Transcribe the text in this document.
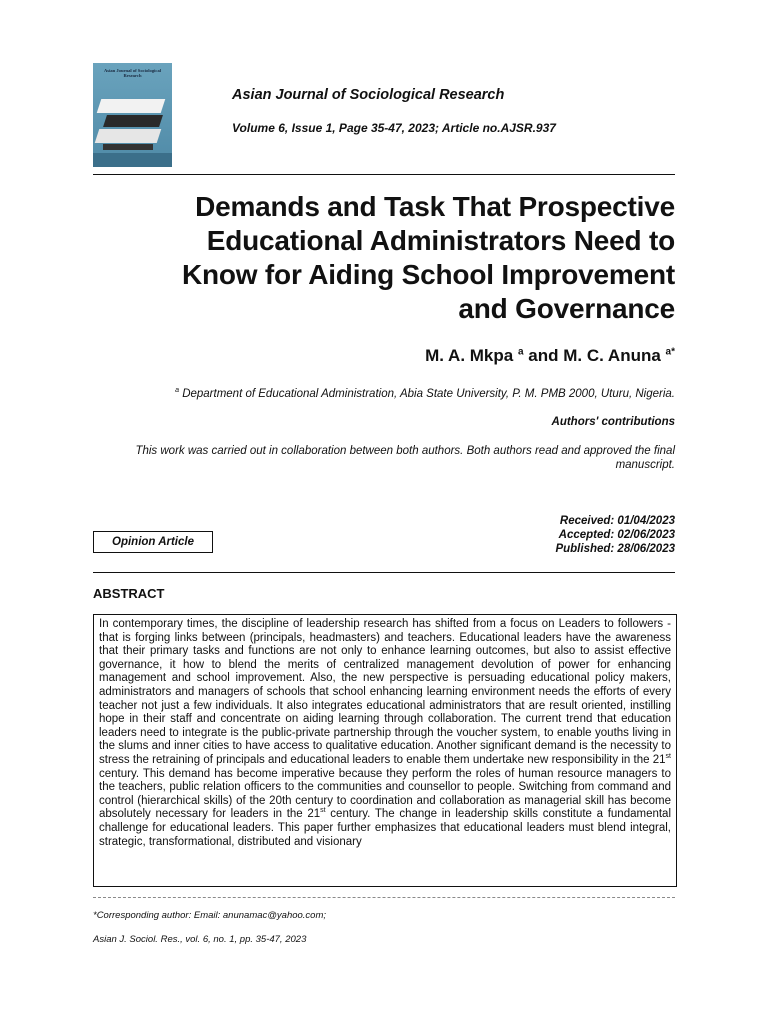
Asian Journal of Sociological Research
Asian Journal of Sociological Research
Volume 6, Issue 1, Page 35-47, 2023; Article no.AJSR.937
Demands and Task That Prospective
Educational Administrators Need to
Know for Aiding School Improvement
and Governance
M. A. Mkpa $^a$ and M. C. Anuna $^{a*}$
$^a$ Department of Educational Administration, Abia State University, P. M. PMB 2000, Uturu, Nigeria.
Authors' contributions
This work was carried out in collaboration between both authors. Both authors read and approved the final manuscript.
Opinion Article
Received: 01/04/2023
Accepted: 02/06/2023
Published: 28/06/2023
ABSTRACT
In contemporary times, the discipline of leadership research has shifted from a focus on Leaders to followers - that is forging links between (principals, headmasters) and teachers. Educational leaders have the awareness that their primary tasks and functions are not only to enhance learning outcomes, but also to assist effective governance, it how to blend the merits of centralized management devolution of power for enhancing management and school improvement. Also, the new perspective is persuading educational policy makers, administrators and managers of schools that school enhancing learning environment needs the efforts of every teacher not just a few individuals. It also integrates educational administrators that are result oriented, instilling hope in their staff and concentrate on aiding learning through collaboration. The current trend that education leaders need to integrate is the public-private partnership through the voucher system, to enable youths living in the slums and inner cities to have access to qualitative education. Another significant demand is the necessity to stress the retraining of principals and educational leaders to enable them undertake new responsibility in the 21st century. This demand has become imperative because they perform the roles of human resource managers to the teachers, public relation officers to the communities and counsellor to people. Switching from command and control (hierarchical skills) of the 20th century to coordination and collaboration as managerial skill has become absolutely necessary for leaders in the 21st century. The change in leadership skills constitute a fundamental challenge for educational leaders. This paper further emphasizes that educational leaders must blend integral, strategic, transformational, distributed and visionary
*Corresponding author: Email: anunamac@yahoo.com;
Asian J. Sociol. Res., vol. 6, no. 1, pp. 35-47, 2023
